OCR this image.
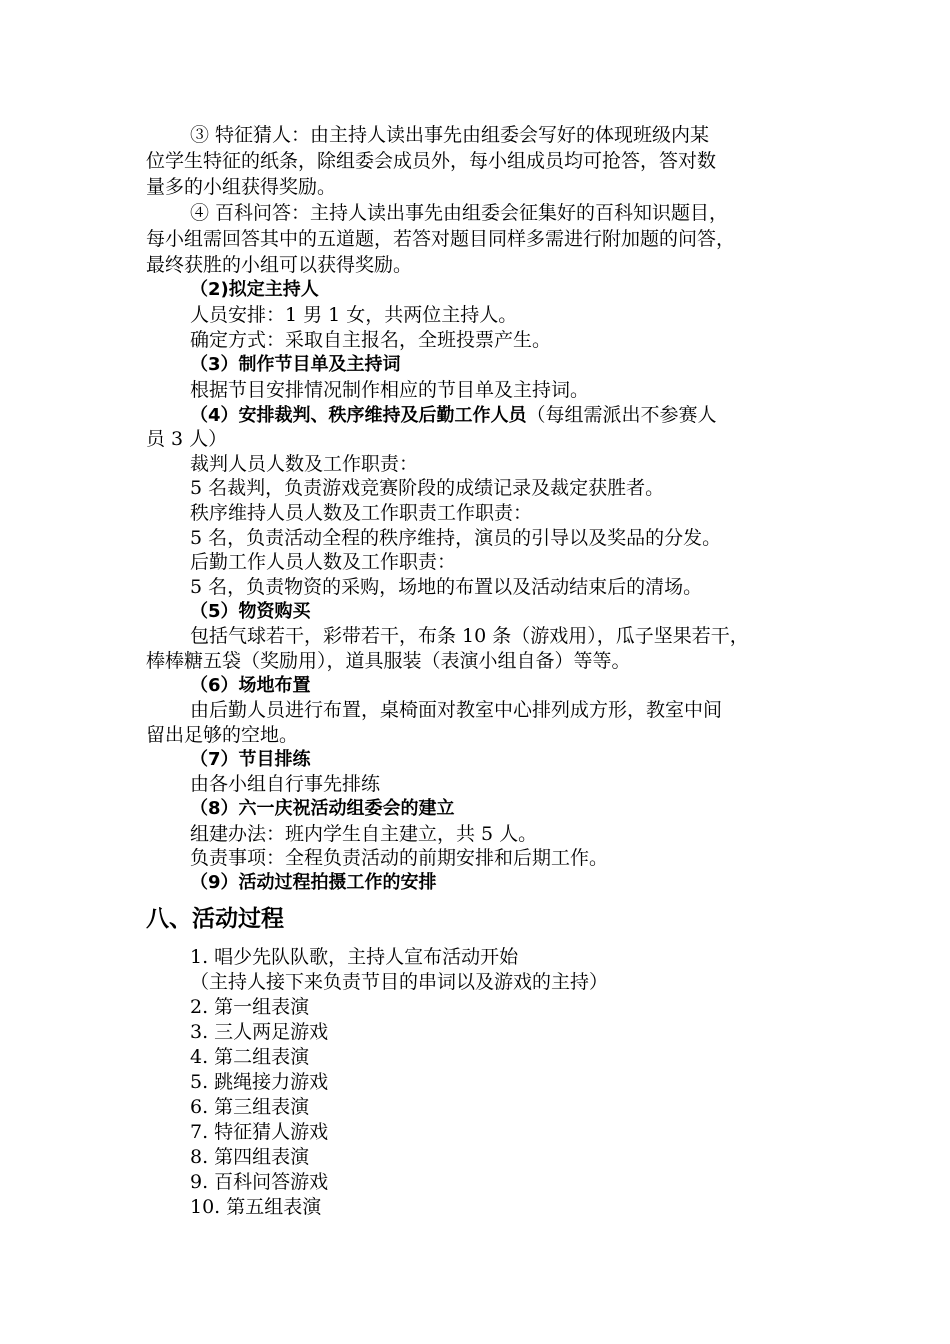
③ 特征猜人：由主持人读出事先由组委会写好的体现班级内某
位学生特征的纸条，除组委会成员外，每小组成员均可抢答，答对数
量多的小组获得奖励。
④ 百科问答：主持人读出事先由组委会征集好的百科知识题目，
每小组需回答其中的五道题，若答对题目同样多需进行附加题的问答，
最终获胜的小组可以获得奖励。
（2)拟定主持人
人员安排：1 男 1 女，共两位主持人。
确定方式：采取自主报名，全班投票产生。
（3）制作节目单及主持词
根据节目安排情况制作相应的节目单及主持词。
（4）安排裁判、秩序维持及后勤工作人员（每组需派出不参赛人
员 3 人）
裁判人员人数及工作职责：
5 名裁判，负责游戏竞赛阶段的成绩记录及裁定获胜者。
秩序维持人员人数及工作职责工作职责：
5 名，负责活动全程的秩序维持，演员的引导以及奖品的分发。
后勤工作人员人数及工作职责：
5 名，负责物资的采购，场地的布置以及活动结束后的清场。
（5）物资购买
包括气球若干，彩带若干，布条 10 条（游戏用），瓜子坚果若干，
棒棒糖五袋（奖励用），道具服装（表演小组自备）等等。
（6）场地布置
由后勤人员进行布置，桌椅面对教室中心排列成方形，教室中间
留出足够的空地。
（7）节目排练
由各小组自行事先排练
（8）六一庆祝活动组委会的建立
组建办法：班内学生自主建立，共 5 人。
负责事项：全程负责活动的前期安排和后期工作。
（9）活动过程拍摄工作的安排
八、活动过程
1. 唱少先队队歌，主持人宣布活动开始
（主持人接下来负责节目的串词以及游戏的主持）
2. 第一组表演
3. 三人两足游戏
4. 第二组表演
5. 跳绳接力游戏
6. 第三组表演
7. 特征猜人游戏
8. 第四组表演
9. 百科问答游戏
10. 第五组表演
